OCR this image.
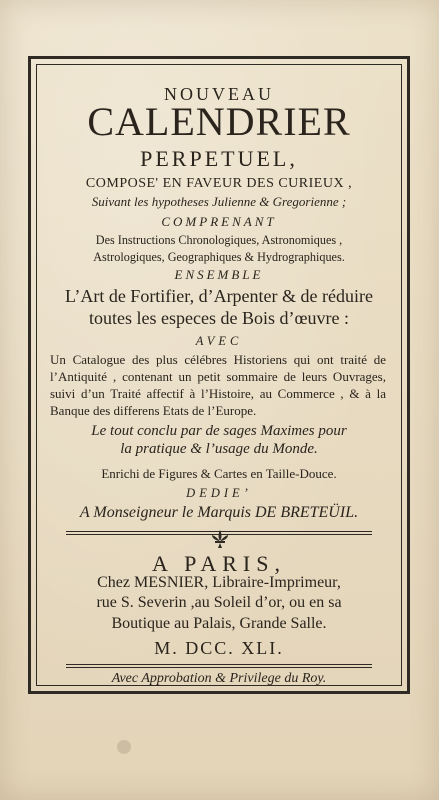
NOUVEAU
CALENDRIER
PERPETUEL,
COMPOSE' EN FAVEUR DES CURIEUX ,
Suivant les hypotheses Julienne & Gregorienne ;
COMPRENANT
Des Instructions Chronologiques, Astronomiques ,
Astrologiques, Geographiques & Hydrographiques.
ENSEMBLE
L’Art de Fortifier, d’Arpenter & de réduire
toutes les especes de Bois d’œuvre :
AVEC
Un Catalogue des plus célébres Historiens qui ont traité de l’Antiquité , contenant un petit sommaire de leurs Ouvrages, suivi d’un Traité affectif à l’Histoire, au Commerce , & à la Banque des differens Etats de l’Europe.
Le tout conclu par de sages Maximes pour
la pratique & l’usage du Monde.
Enrichi de Figures & Cartes en Taille-Douce.
DEDIE’
A Monseigneur le Marquis DE BRETEÜIL.
A PARIS,
Chez MESNIER, Libraire-Imprimeur,
rue S. Severin ,au Soleil d’or, ou en sa
Boutique au Palais, Grande Salle.
M. DCC. XLI.
Avec Approbation & Privilege du Roy.
